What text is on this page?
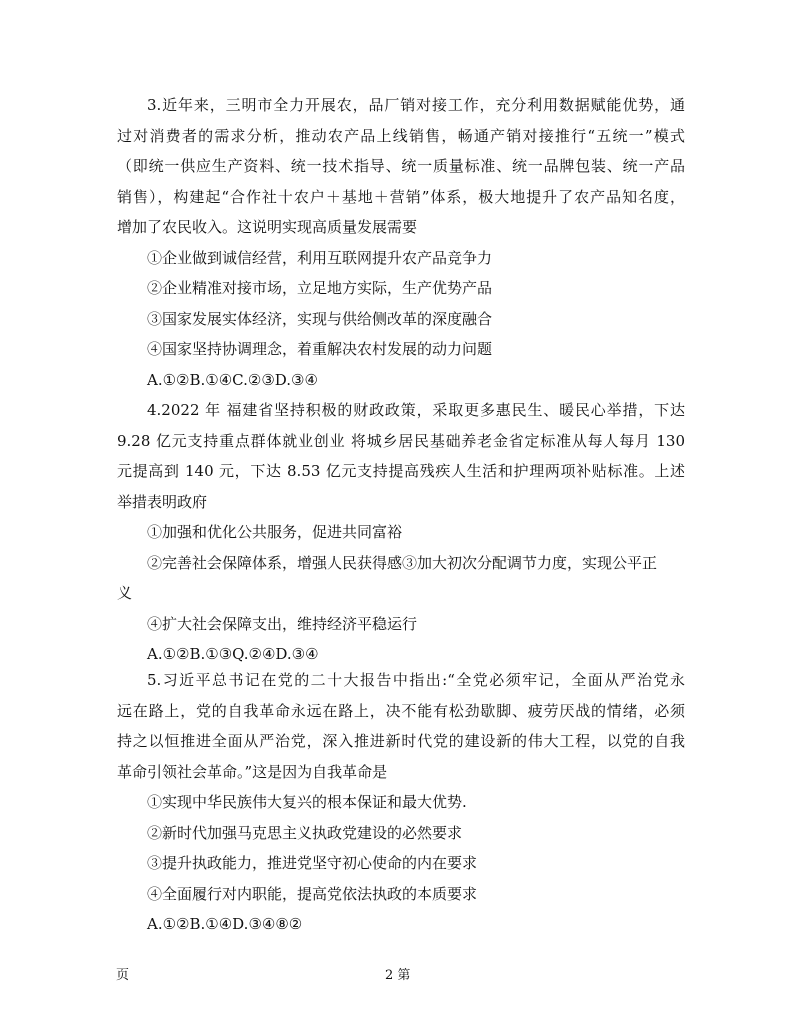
3.近年来，三明市全力开展农，品厂销对接工作，充分利用数据赋能优势，通
过对消费者的需求分析，推动农产品上线销售，畅通产销对接推行“五统一”模式
（即统一供应生产资料、统一技术指导、统一质量标准、统一品牌包装、统一产品
销售），构建起“合作社十农户＋基地＋营销”体系，极大地提升了农产品知名度，
增加了农民收入。这说明实现高质量发展需要
①企业做到诚信经营，利用互联网提升农产品竞争力
②企业精准对接市场，立足地方实际，生产优势产品
③国家发展实体经济，实现与供给侧改革的深度融合
④国家坚持协调理念，着重解决农村发展的动力问题
A.①②B.①④C.②③D.③④
4.2022 年 福建省坚持积极的财政政策，采取更多惠民生、暖民心举措，下达
9.28 亿元支持重点群体就业创业 将城乡居民基础养老金省定标准从每人每月 130
元提高到 140 元，下达 8.53 亿元支持提高残疾人生活和护理两项补贴标准。上述
举措表明政府
①加强和优化公共服务，促进共同富裕
②完善社会保障体系，增强人民获得感③加大初次分配调节力度，实现公平正
义
④扩大社会保障支出，维持经济平稳运行
A.①②B.①③Q.②④D.③④
5.习近平总书记在党的二十大报告中指出:“全党必须牢记，全面从严治党永
远在路上，党的自我革命永远在路上，决不能有松劲歇脚、疲劳厌战的情绪，必须
持之以恒推进全面从严治党，深入推进新时代党的建设新的伟大工程，以党的自我
革命引领社会革命。”这是因为自我革命是
①实现中华民族伟大复兴的根本保证和最大优势.
②新时代加强马克思主义执政党建设的必然要求
③提升执政能力，推进党坚守初心使命的内在要求
④全面履行对内职能，提高党依法执政的本质要求
A.①②B.①④D.③④⑧②
页	2 第
